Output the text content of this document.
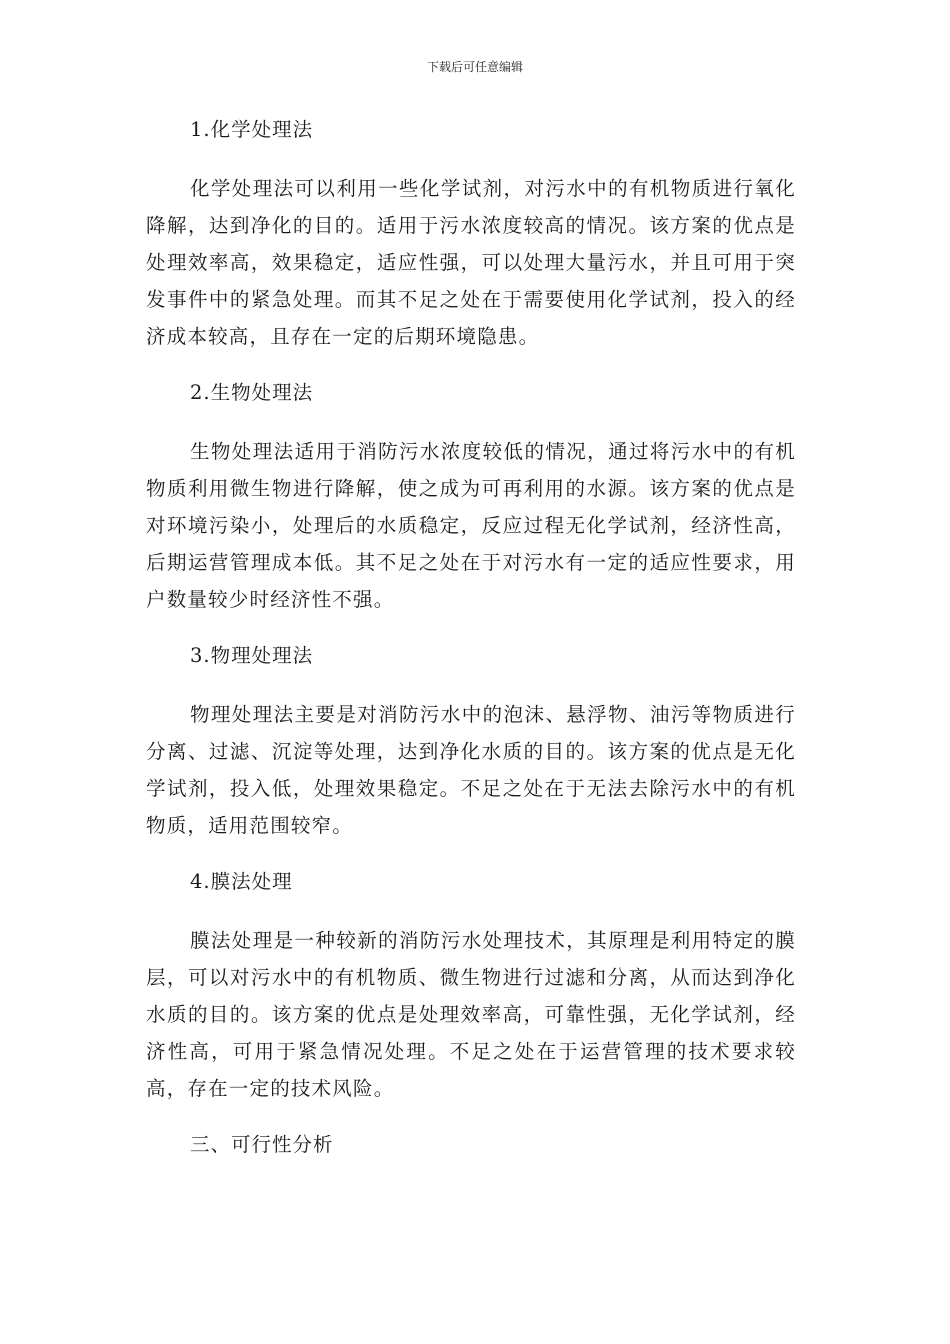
下载后可任意编辑
1.化学处理法

化学处理法可以利用一些化学试剂，对污水中的有机物质进行氧化降解，达到净化的目的。适用于污水浓度较高的情况。该方案的优点是处理效率高，效果稳定，适应性强，可以处理大量污水，并且可用于突发事件中的紧急处理。而其不足之处在于需要使用化学试剂，投入的经济成本较高，且存在一定的后期环境隐患。

2.生物处理法

生物处理法适用于消防污水浓度较低的情况，通过将污水中的有机物质利用微生物进行降解，使之成为可再利用的水源。该方案的优点是对环境污染小，处理后的水质稳定，反应过程无化学试剂，经济性高，后期运营管理成本低。其不足之处在于对污水有一定的适应性要求，用户数量较少时经济性不强。

3.物理处理法

物理处理法主要是对消防污水中的泡沫、悬浮物、油污等物质进行分离、过滤、沉淀等处理，达到净化水质的目的。该方案的优点是无化学试剂，投入低，处理效果稳定。不足之处在于无法去除污水中的有机物质，适用范围较窄。

4.膜法处理

膜法处理是一种较新的消防污水处理技术，其原理是利用特定的膜层，可以对污水中的有机物质、微生物进行过滤和分离，从而达到净化水质的目的。该方案的优点是处理效率高，可靠性强，无化学试剂，经济性高，可用于紧急情况处理。不足之处在于运营管理的技术要求较高，存在一定的技术风险。

三、可行性分析
